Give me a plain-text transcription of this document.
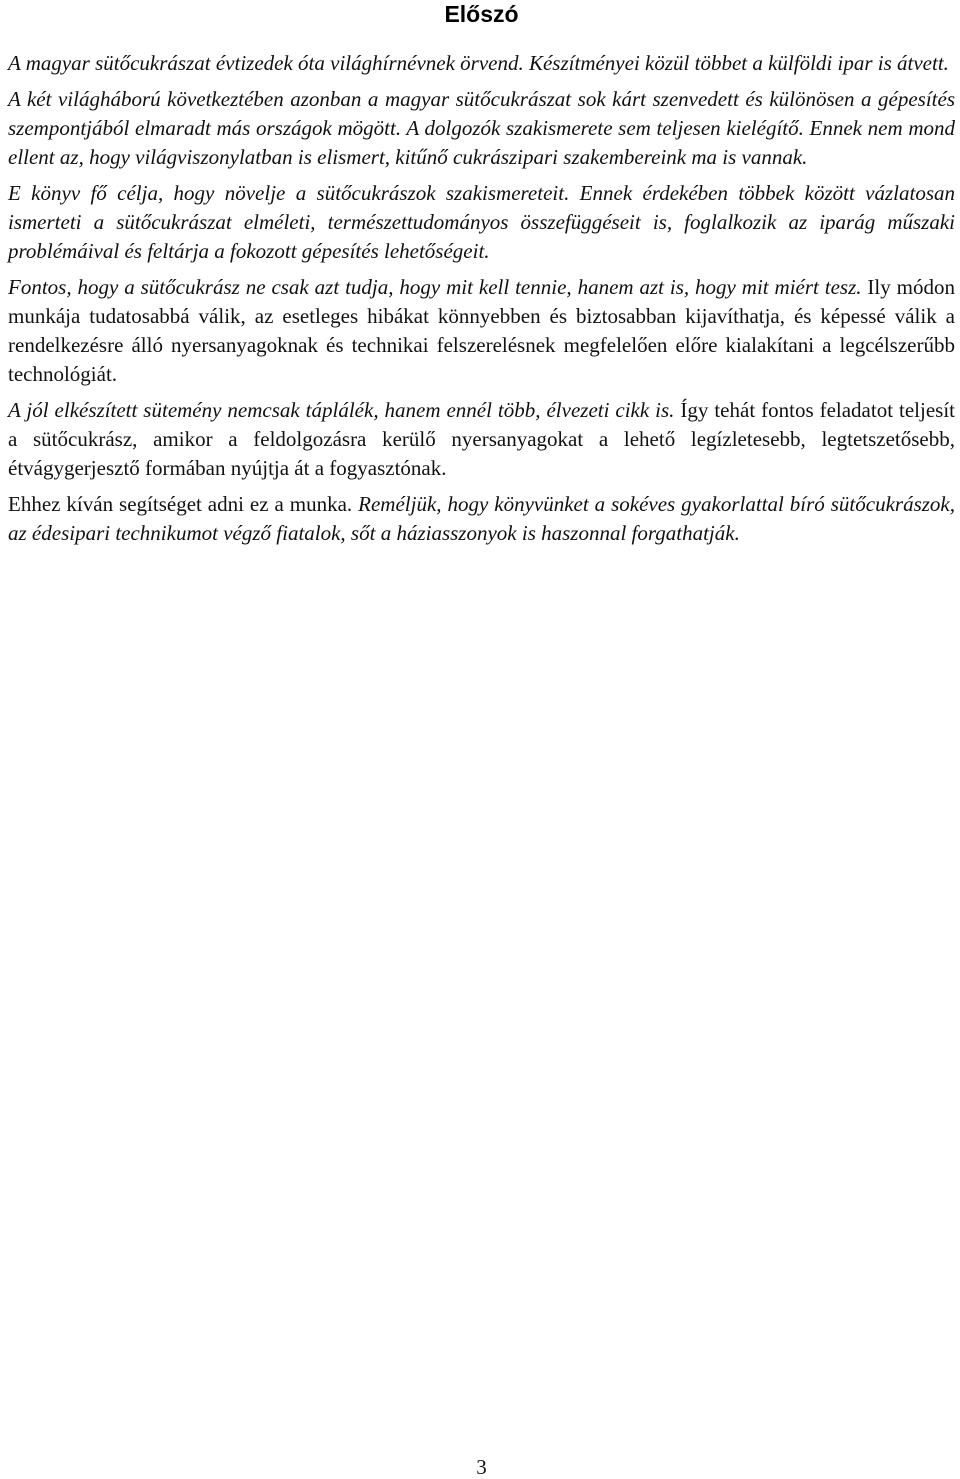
Előszó

A magyar sütőcukrászat évtizedek óta világhírnévnek örvend. Készítményei közül többet a külföldi ipar is átvett.

A két világháború következtében azonban a magyar sütőcukrászat sok kárt szenvedett és különösen a gépesítés szempontjából elmaradt más országok mögött. A dolgozók szakismerete sem teljesen kielégítő. Ennek nem mond ellent az, hogy világviszonylatban is elismert, kitűnő cukrászipari szakembereink ma is vannak.

E könyv fő célja, hogy növelje a sütőcukrászok szakismereteit. Ennek érdekében többek között vázlatosan ismerteti a sütőcukrászat elméleti, természettudományos összefüggéseit is, foglalkozik az iparág műszaki problémáival és feltárja a fokozott gépesítés lehetőségeit.

Fontos, hogy a sütőcukrász ne csak azt tudja, hogy mit kell tennie, hanem azt is, hogy mit miért tesz. Ily módon munkája tudatosabbá válik, az esetleges hibákat könnyebben és biztosabban kijavíthatja, és képessé válik a rendelkezésre álló nyersanyagoknak és technikai felszerelésnek megfelelően előre kialakítani a legcélszerűbb technológiát.

A jól elkészített sütemény nemcsak táplálék, hanem ennél több, élvezeti cikk is. Így tehát fontos feladatot teljesít a sütőcukrász, amikor a feldolgozásra kerülő nyersanyagokat a lehető legízletesebb, legtetszetősebb, étvágygerjesztő formában nyújtja át a fogyasztónak.

Ehhez kíván segítséget adni ez a munka. Reméljük, hogy könyvünket a sokéves gyakorlattal bíró sütőcukrászok, az édesipari technikumot végző fiatalok, sőt a háziasszonyok is haszonnal forgathatják.

3
